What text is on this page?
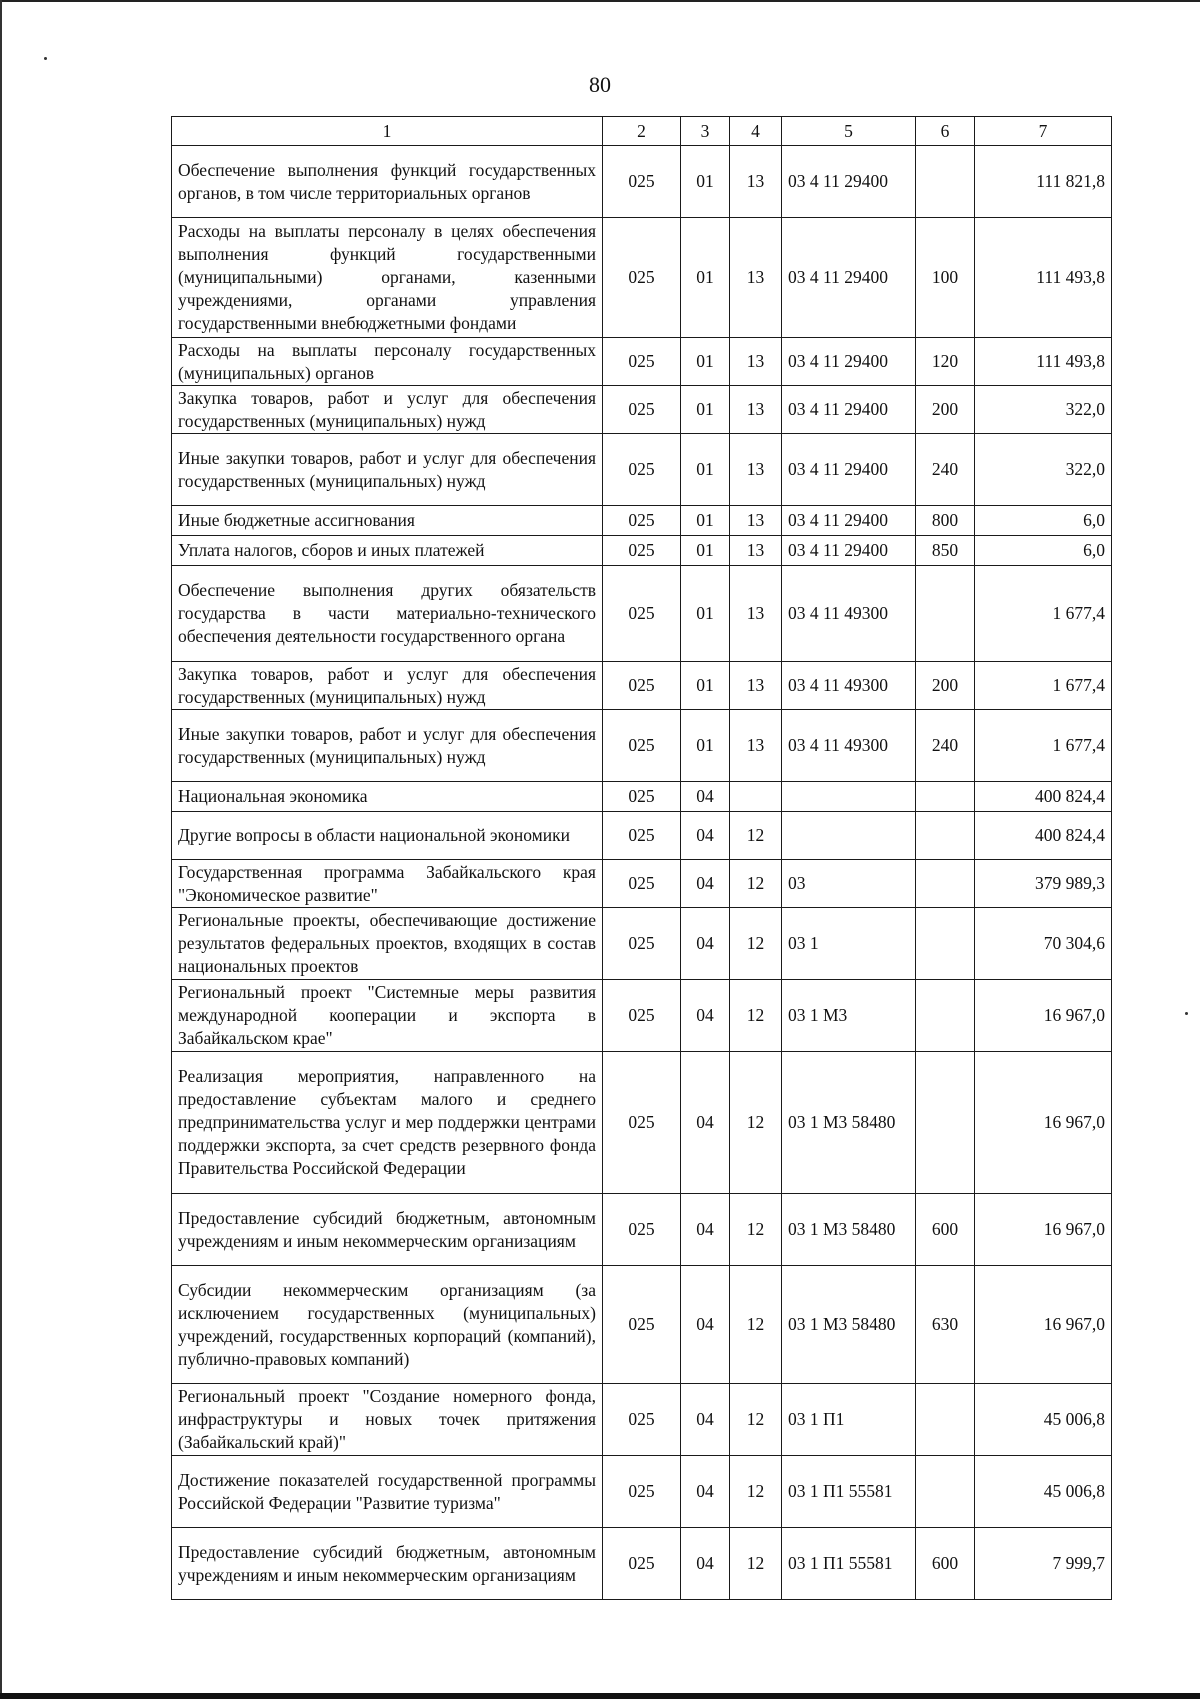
80
1	2	3	4	5	6	7
Обеспечение выполнения функций государственных органов, в том числе территориальных органов	025	01	13	03 4 11 29400		111 821,8
Расходы на выплаты персоналу в целях обеспечения выполнения функций государственными (муниципальными) органами, казенными учреждениями, органами управления государственными внебюджетными фондами	025	01	13	03 4 11 29400	100	111 493,8
Расходы на выплаты персоналу государственных (муниципальных) органов	025	01	13	03 4 11 29400	120	111 493,8
Закупка товаров, работ и услуг для обеспечения государственных (муниципальных) нужд	025	01	13	03 4 11 29400	200	322,0
Иные закупки товаров, работ и услуг для обеспечения государственных (муниципальных) нужд	025	01	13	03 4 11 29400	240	322,0
Иные бюджетные ассигнования	025	01	13	03 4 11 29400	800	6,0
Уплата налогов, сборов и иных платежей	025	01	13	03 4 11 29400	850	6,0
Обеспечение выполнения других обязательств государства в части материально-технического обеспечения деятельности государственного органа	025	01	13	03 4 11 49300		1 677,4
Закупка товаров, работ и услуг для обеспечения государственных (муниципальных) нужд	025	01	13	03 4 11 49300	200	1 677,4
Иные закупки товаров, работ и услуг для обеспечения государственных (муниципальных) нужд	025	01	13	03 4 11 49300	240	1 677,4
Национальная экономика	025	04				400 824,4
Другие вопросы в области национальной экономики	025	04	12			400 824,4
Государственная программа Забайкальского края "Экономическое развитие"	025	04	12	03		379 989,3
Региональные проекты, обеспечивающие достижение результатов федеральных проектов, входящих в состав национальных проектов	025	04	12	03 1		70 304,6
Региональный проект "Системные меры развития международной кооперации и экспорта в Забайкальском крае"	025	04	12	03 1 М3		16 967,0
Реализация мероприятия, направленного на предоставление субъектам малого и среднего предпринимательства услуг и мер поддержки центрами поддержки экспорта, за счет средств резервного фонда Правительства Российской Федерации	025	04	12	03 1 М3 58480		16 967,0
Предоставление субсидий бюджетным, автономным учреждениям и иным некоммерческим организациям	025	04	12	03 1 М3 58480	600	16 967,0
Субсидии некоммерческим организациям (за исключением государственных (муниципальных) учреждений, государственных корпораций (компаний), публично-правовых компаний)	025	04	12	03 1 М3 58480	630	16 967,0
Региональный проект "Создание номерного фонда, инфраструктуры и новых точек притяжения (Забайкальский край)"	025	04	12	03 1 П1		45 006,8
Достижение показателей государственной программы Российской Федерации "Развитие туризма"	025	04	12	03 1 П1 55581		45 006,8
Предоставление субсидий бюджетным, автономным учреждениям и иным некоммерческим организациям	025	04	12	03 1 П1 55581	600	7 999,7
